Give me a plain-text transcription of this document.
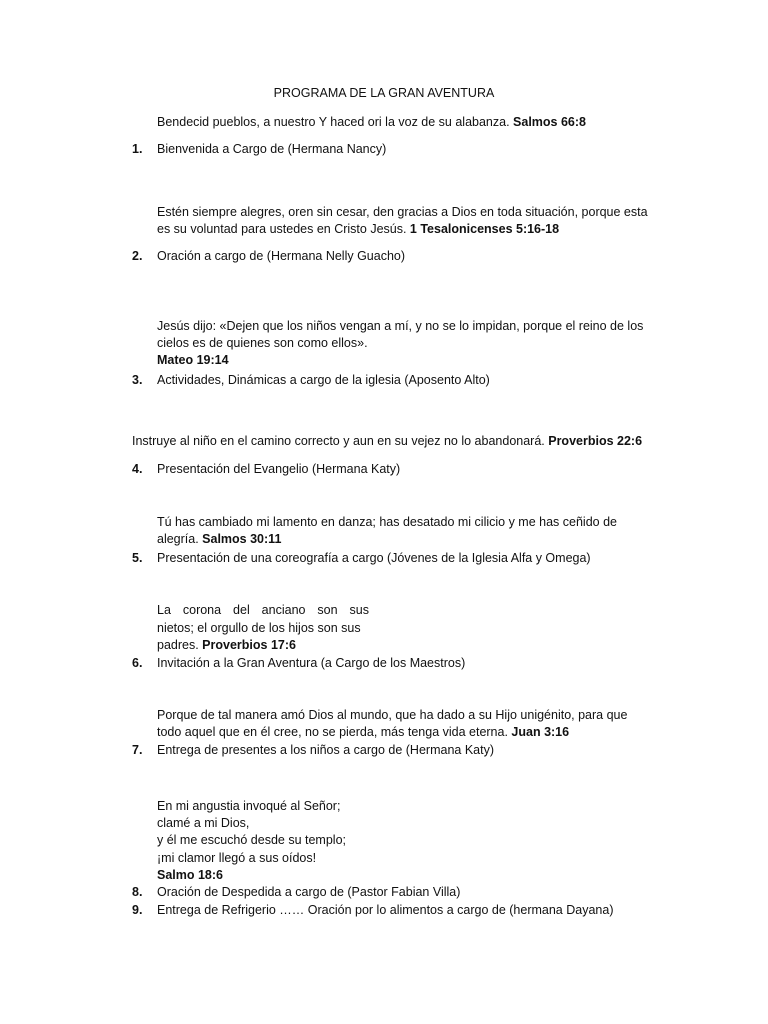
PROGRAMA DE LA GRAN AVENTURA
Bendecid pueblos, a nuestro Y haced ori la voz de su alabanza. Salmos 66:8
1. Bienvenida a Cargo de (Hermana Nancy)
Estén siempre alegres, oren sin cesar, den gracias a Dios en toda situación, porque esta
es su voluntad para ustedes en Cristo Jesús. 1 Tesalonicenses 5:16-18
2. Oración a cargo de (Hermana Nelly Guacho)
Jesús dijo: «Dejen que los niños vengan a mí, y no se lo impidan, porque el reino de los
cielos es de quienes son como ellos».
Mateo 19:14
3. Actividades, Dinámicas a cargo de la iglesia (Aposento Alto)
Instruye al niño en el camino correcto y aun en su vejez no lo abandonará. Proverbios 22:6
4. Presentación del Evangelio (Hermana Katy)
Tú has cambiado mi lamento en danza; has desatado mi cilicio y me has ceñido de
alegría. Salmos 30:11
5. Presentación de una coreografía a cargo (Jóvenes de la Iglesia Alfa y Omega)
La corona del anciano son sus
nietos; el orgullo de los hijos son sus
padres. Proverbios 17:6
6. Invitación a la Gran Aventura (a Cargo de los Maestros)
Porque de tal manera amó Dios al mundo, que ha dado a su Hijo unigénito, para que
todo aquel que en él cree, no se pierda, más tenga vida eterna. Juan 3:16
7. Entrega de presentes a los niños a cargo de (Hermana Katy)
En mi angustia invoqué al Señor;
clamé a mi Dios,
y él me escuchó desde su templo;
¡mi clamor llegó a sus oídos!
Salmo 18:6
8. Oración de Despedida a cargo de (Pastor Fabian Villa)
9. Entrega de Refrigerio …… Oración por lo alimentos a cargo de (hermana Dayana)
